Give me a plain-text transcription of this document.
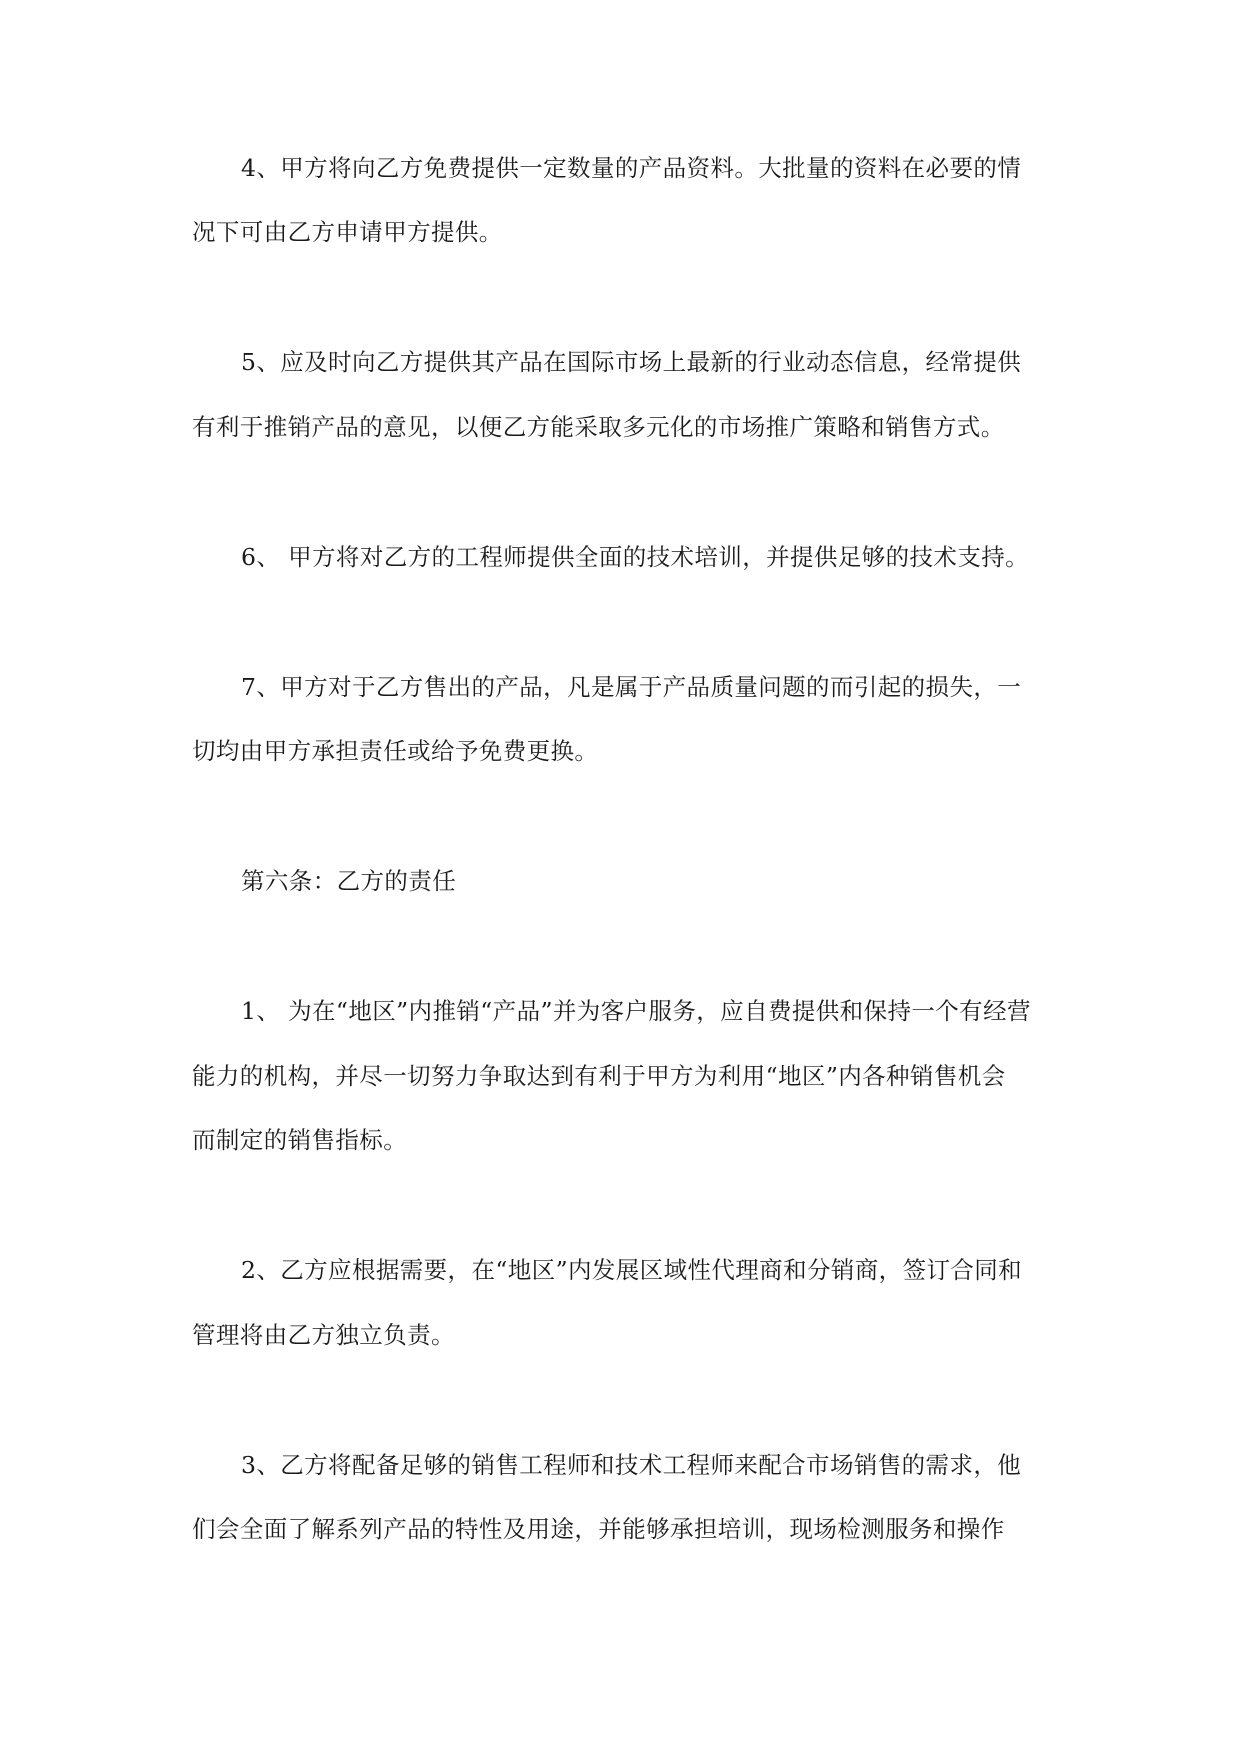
4、甲方将向乙方免费提供一定数量的产品资料。大批量的资料在必要的情
况下可由乙方申请甲方提供。
5、应及时向乙方提供其产品在国际市场上最新的行业动态信息，经常提供
有利于推销产品的意见，以便乙方能采取多元化的市场推广策略和销售方式。
6、 甲方将对乙方的工程师提供全面的技术培训，并提供足够的技术支持。
7、甲方对于乙方售出的产品，凡是属于产品质量问题的而引起的损失，一
切均由甲方承担责任或给予免费更换。
第六条：乙方的责任
1、 为在“地区”内推销“产品”并为客户服务，应自费提供和保持一个有经营
能力的机构，并尽一切努力争取达到有利于甲方为利用“地区”内各种销售机会
而制定的销售指标。
2、乙方应根据需要，在“地区”内发展区域性代理商和分销商，签订合同和
管理将由乙方独立负责。
3、乙方将配备足够的销售工程师和技术工程师来配合市场销售的需求，他
们会全面了解系列产品的特性及用途，并能够承担培训，现场检测服务和操作
